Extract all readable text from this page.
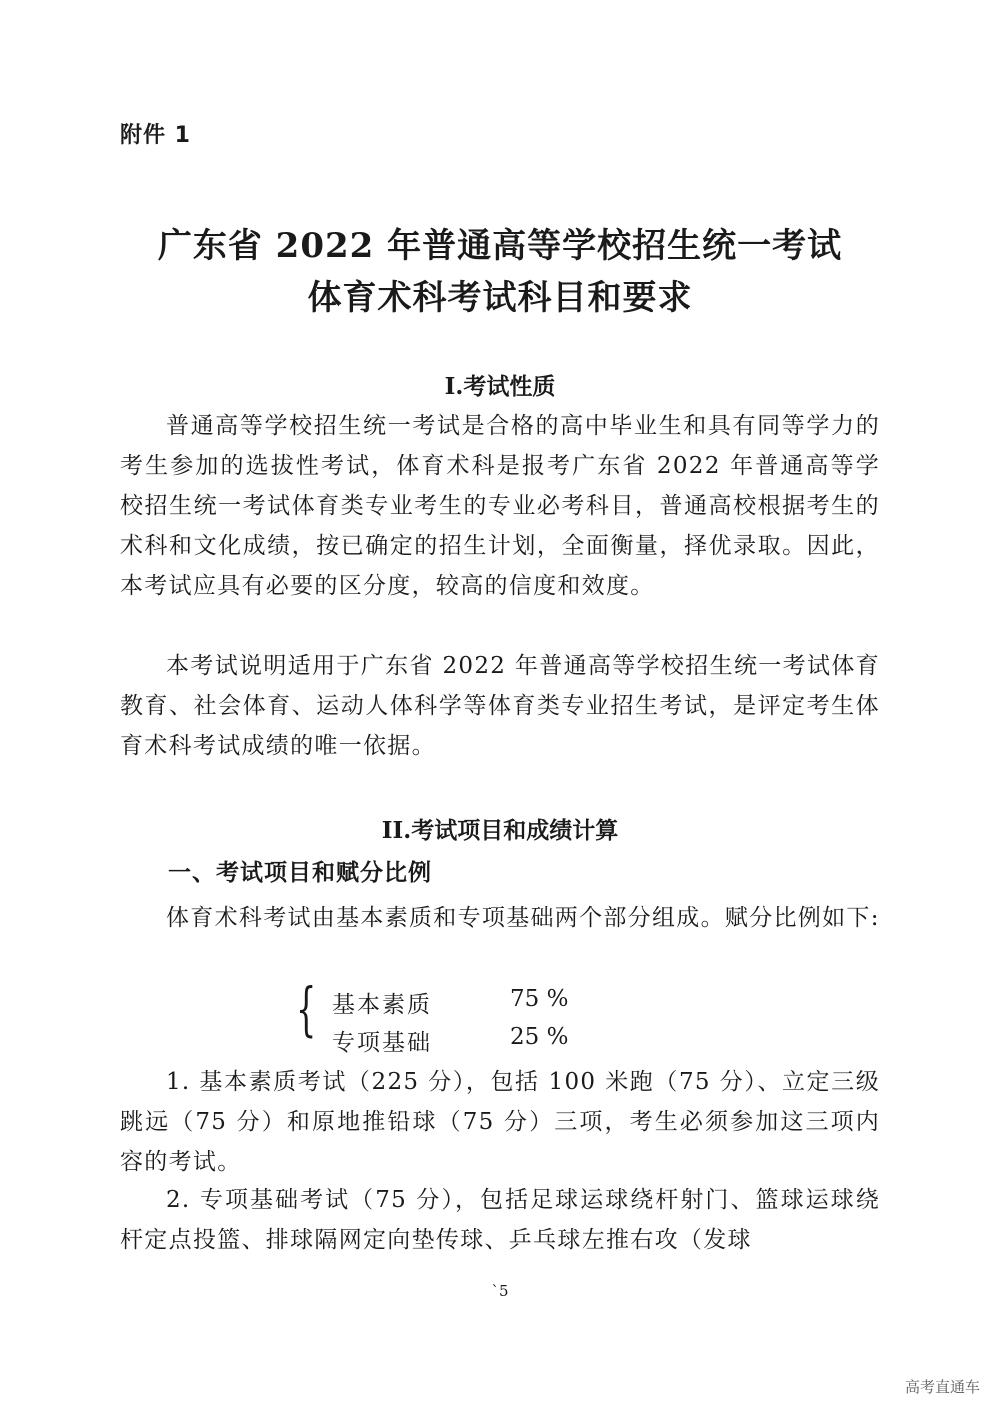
附件 1
广东省 2022 年普通高等学校招生统一考试
体育术科考试科目和要求
I.考试性质
普通高等学校招生统一考试是合格的高中毕业生和具有同等学力的考生参加的选拔性考试，体育术科是报考广东省 2022 年普通高等学校招生统一考试体育类专业考生的专业必考科目，普通高校根据考生的术科和文化成绩，按已确定的招生计划，全面衡量，择优录取。因此，本考试应具有必要的区分度，较高的信度和效度。
本考试说明适用于广东省 2022 年普通高等学校招生统一考试体育教育、社会体育、运动人体科学等体育类专业招生考试，是评定考生体育术科考试成绩的唯一依据。
II.考试项目和成绩计算
一、考试项目和赋分比例
体育术科考试由基本素质和专项基础两个部分组成。赋分比例如下:
{ 基本素质	75 %
专项基础	25 %
1. 基本素质考试（225 分），包括 100 米跑（75 分）、立定三级跳远（75 分）和原地推铅球（75 分）三项，考生必须参加这三项内容的考试。
2. 专项基础考试（75 分），包括足球运球绕杆射门、篮球运球绕杆定点投篮、排球隔网定向垫传球、乒乓球左推右攻（发球
`5
高考直通车
